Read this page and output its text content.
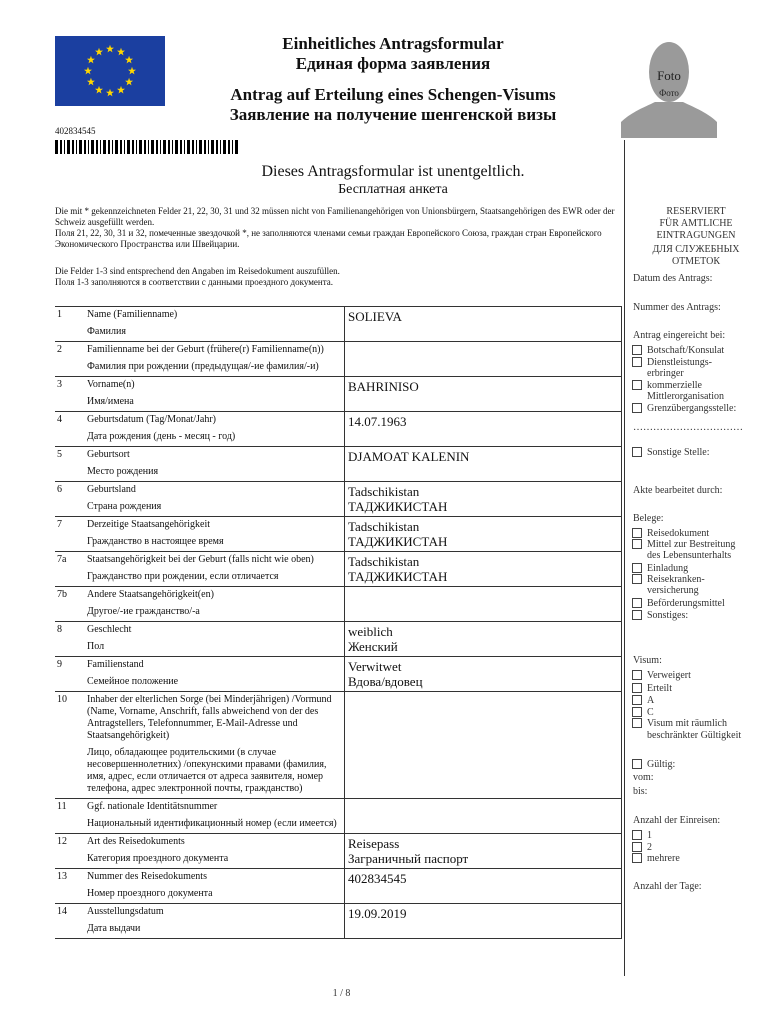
Einheitliches Antragsformular
Единая форма заявления
Antrag auf Erteilung eines Schengen-Visums
Заявление на получение шенгенской визы
Foto
Фото
402834545
Dieses Antragsformular ist unentgeltlich.
Бесплатная анкета
Die mit * gekennzeichneten Felder 21, 22, 30, 31 und 32 müssen nicht von Familienangehörigen von Unionsbürgern, Staatsangehörigen des EWR oder der Schweiz ausgefüllt werden.
Поля 21, 22, 30, 31 и 32, помеченные звездочкой *, не заполняются членами семьи граждан Европейского Союза, граждан стран Европейского Экономического Пространства или Швейцарии.
Die Felder 1-3 sind entsprechend den Angaben im Reisedokument auszufüllen.
Поля 1-3 заполняются в соответствии с данными проездного документа.
1	Name (Familienname)
Фамилия	SOLIEVA

2	Familienname bei der Geburt (frühere(r) Familienname(n))
Фамилия при рождении (предыдущая/-ие фамилия/-и)	

3	Vorname(n)
Имя/имена	BAHRINISO

4	Geburtsdatum (Tag/Monat/Jahr)
Дата рождения (день - месяц - год)	14.07.1963

5	Geburtsort
Место рождения	DJAMOAT KALENIN

6	Geburtsland
Страна рождения	Tadschikistan
ТАДЖИКИСТАН

7	Derzeitige Staatsangehörigkeit
Гражданство в настоящее время	Tadschikistan
ТАДЖИКИСТАН

7a	Staatsangehörigkeit bei der Geburt (falls nicht wie oben)
Гражданство при рождении, если отличается	Tadschikistan
ТАДЖИКИСТАН

7b	Andere Staatsangehörigkeit(en)
Другое/-ие гражданство/-а	

8	Geschlecht
Пол	weiblich
Женский

9	Familienstand
Семейное положение	Verwitwet
Вдова/вдовец

10	Inhaber der elterlichen Sorge (bei Minderjährigen) /Vormund (Name, Vorname, Anschrift, falls abweichend von der des Antragstellers, Telefonnummer, E-Mail-Adresse und Staatsangehörigkeit)
Лицо, обладающее родительскими (в случае несовершеннолетних) /опекунскими правами (фамилия, имя, адрес, если отличается от адреса заявителя, номер телефона, адрес электронной почты, гражданство)	

11	Ggf. nationale Identitätsnummer
Национальный идентификационный номер (если имеется)	

12	Art des Reisedokuments
Категория проездного документа	Reisepass
Заграничный паспорт

13	Nummer des Reisedokuments
Номер проездного документа	402834545

14	Ausstellungsdatum
Дата выдачи	19.09.2019
RESERVIERT
FÜR AMTLICHE
EINTRAGUNGEN
ДЛЯ СЛУЖЕБНЫХ
ОТМЕТОК
Datum des Antrags:
Nummer des Antrags:
Antrag eingereicht bei:
Botschaft/Konsulat
Dienstleistungs-
erbringer
kommerzielle
Mittlerorganisation
Grenzübergangsstelle:
……………………………
Sonstige Stelle:
Akte bearbeitet durch:
Belege:
Reisedokument
Mittel zur Bestreitung
des Lebensunterhalts
Einladung
Reisekranken-
versicherung
Beförderungsmittel
Sonstiges:
Visum:
Verweigert
Erteilt
A
C
Visum mit räumlich
beschränkter Gültigkeit
Gültig:
vom:
bis:
Anzahl der Einreisen:
1
2
mehrere
Anzahl der Tage:
1 / 8
